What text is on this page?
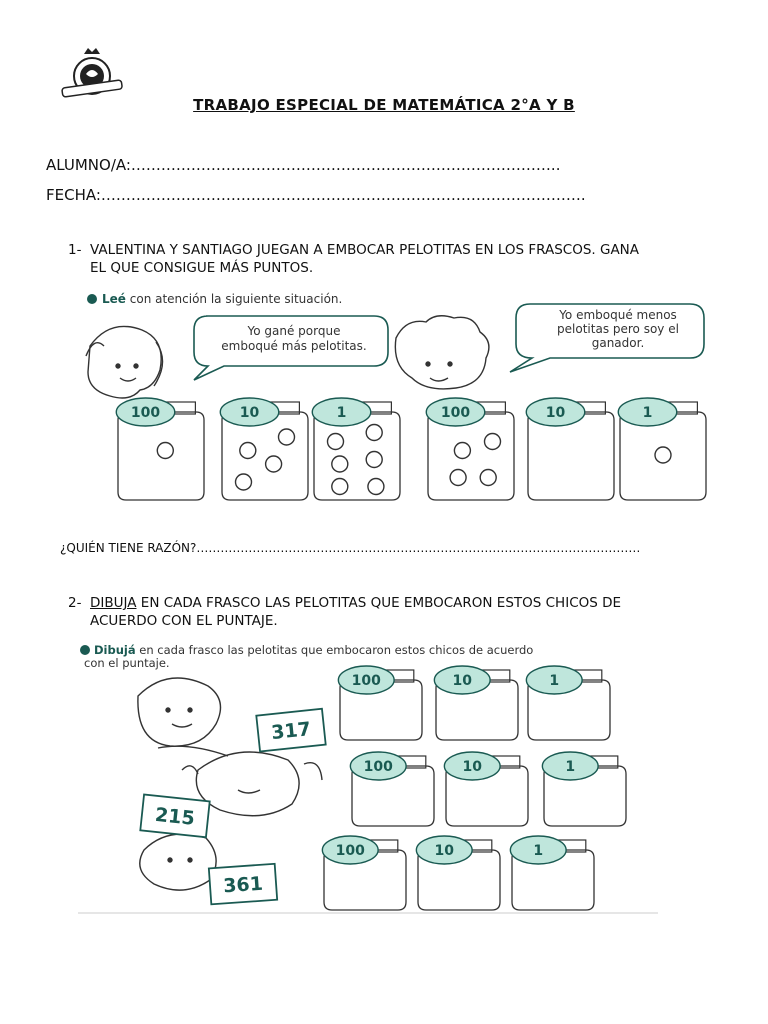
TRABAJO ESPECIAL DE MATEMÁTICA 2°A Y B
ALUMNO/A:…………………………………………………………………………..
FECHA:…………………………………………………………………………………….
1- VALENTINA Y SANTIAGO JUEGAN A EMBOCAR PELOTITAS EN LOS FRASCOS. GANA
EL QUE CONSIGUE MÁS PUNTOS.
Leé con atención la siguiente situación.
Yo gané porque
emboqué más pelotitas.
Yo emboqué menos
pelotitas pero soy el
ganador.
100	10	1	100	10	1
¿QUIÉN TIENE RAZÓN?…………………………………………………………………………………………………
2- DIBUJA EN CADA FRASCO LAS PELOTITAS QUE EMBOCARON ESTOS CHICOS DE
ACUERDO CON EL PUNTAJE.
Dibujá en cada frasco las pelotitas que embocaron estos chicos de acuerdo
con el puntaje.
317
215
361
100	10	1
100	10	1
100	10	1
